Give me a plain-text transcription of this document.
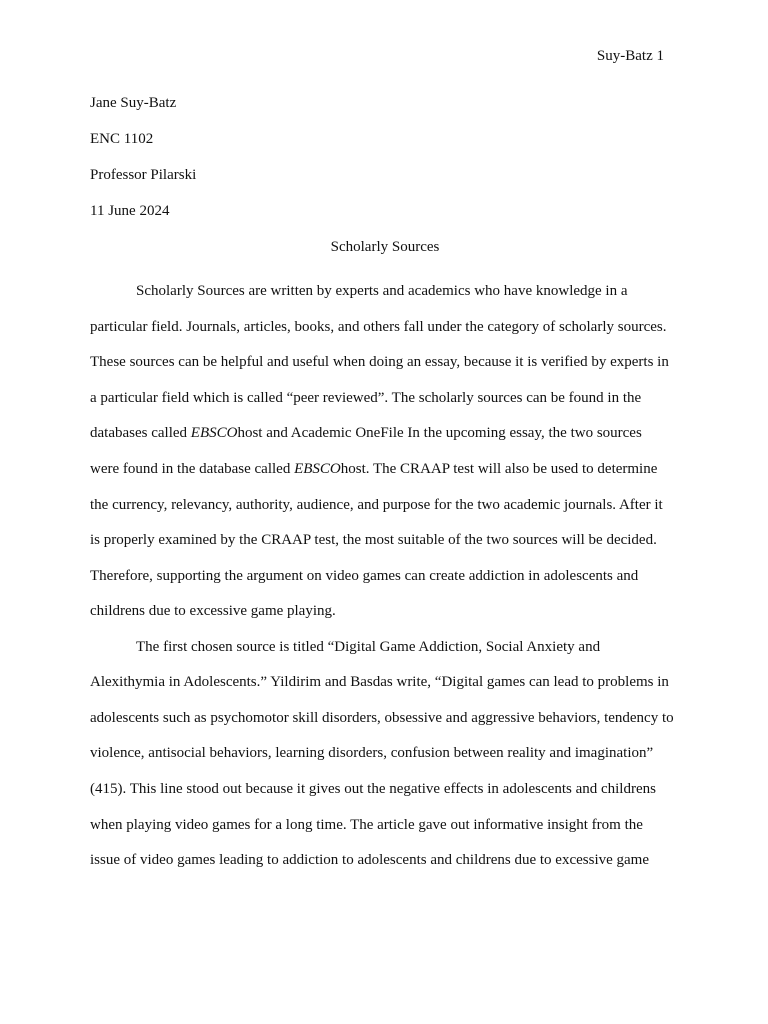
Suy-Batz 1
Jane Suy-Batz
ENC 1102
Professor Pilarski
11 June 2024
Scholarly Sources
Scholarly Sources are written by experts and academics who have knowledge in a
particular field. Journals, articles, books, and others fall under the category of scholarly sources.
These sources can be helpful and useful when doing an essay, because it is verified by experts in
a particular field which is called “peer reviewed”. The scholarly sources can be found in the
databases called EBSCOhost and Academic OneFile In the upcoming essay, the two sources
were found in the database called EBSCOhost. The CRAAP test will also be used to determine
the currency, relevancy, authority, audience, and purpose for the two academic journals. After it
is properly examined by the CRAAP test, the most suitable of the two sources will be decided.
Therefore, supporting the argument on video games can create addiction in adolescents and
childrens due to excessive game playing.
The first chosen source is titled “Digital Game Addiction, Social Anxiety and
Alexithymia in Adolescents.” Yildirim and Basdas write, “Digital games can lead to problems in
adolescents such as psychomotor skill disorders, obsessive and aggressive behaviors, tendency to
violence, antisocial behaviors, learning disorders, confusion between reality and imagination”
(415). This line stood out because it gives out the negative effects in adolescents and childrens
when playing video games for a long time. The article gave out informative insight from the
issue of video games leading to addiction to adolescents and childrens due to excessive game
